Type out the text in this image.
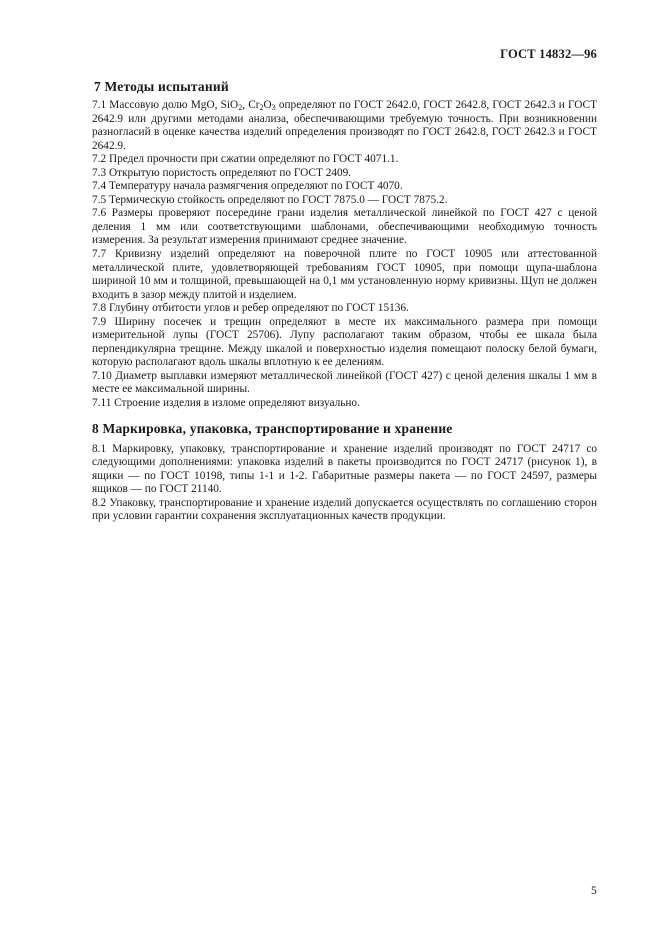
ГОСТ 14832—96
7 Методы испытаний

7.1 Массовую долю MgO, SiO$_2$, $Cr_2O_3$ определяют по ГОСТ 2642.0, ГОСТ 2642.8, ГОСТ 2642.3 и ГОСТ 2642.9 или другими методами анализа, обеспечивающими требуемую точность. При возникновении разногласий в оценке качества изделий определения производят по ГОСТ 2642.8, ГОСТ 2642.3 и ГОСТ 2642.9.

7.2 Предел прочности при сжатии определяют по ГОСТ 4071.1.

7.3 Открытую пористость определяют по ГОСТ 2409.

7.4 Температуру начала размягчения определяют по ГОСТ 4070.

7.5 Термическую стойкость определяют по ГОСТ 7875.0 — ГОСТ 7875.2.

7.6 Размеры проверяют посередине грани изделия металлической линейкой по ГОСТ 427 с ценой деления 1 мм или соответствующими шаблонами, обеспечивающими необходимую точность измерения. За результат измерения принимают среднее значение.

7.7 Кривизну изделий определяют на поверочной плите по ГОСТ 10905 или аттестованной металлической плите, удовлетворяющей требованиям ГОСТ 10905, при помощи щупа-шаблона шириной 10 мм и толщиной, превышающей на 0,1 мм установленную норму кривизны. Щуп не должен входить в зазор между плитой и изделием.

7.8 Глубину отбитости углов и ребер определяют по ГОСТ 15136.

7.9 Ширину посечек и трещин определяют в месте их максимального размера при помощи измерительной лупы (ГОСТ 25706). Лупу располагают таким образом, чтобы ее шкала была перпендикулярна трещине. Между шкалой и поверхностью изделия помещают полоску белой бумаги, которую располагают вдоль шкалы вплотную к ее делениям.

7.10 Диаметр выплавки измеряют металлической линейкой (ГОСТ 427) с ценой деления шкалы 1 мм в месте ее максимальной ширины.

7.11 Строение изделия в изломе определяют визуально.

8 Маркировка, упаковка, транспортирование и хранение

8.1 Маркировку, упаковку, транспортирование и хранение изделий производят по ГОСТ 24717 со следующими дополнениями: упаковка изделий в пакеты производится по ГОСТ 24717 (рисунок 1), в ящики — по ГОСТ 10198, типы 1-1 и 1-2. Габаритные размеры пакета — по ГОСТ 24597, размеры ящиков — по ГОСТ 21140.

8.2 Упаковку, транспортирование и хранение изделий допускается осуществлять по соглашению сторон при условии гарантии сохранения эксплуатационных качеств продукции.

5
